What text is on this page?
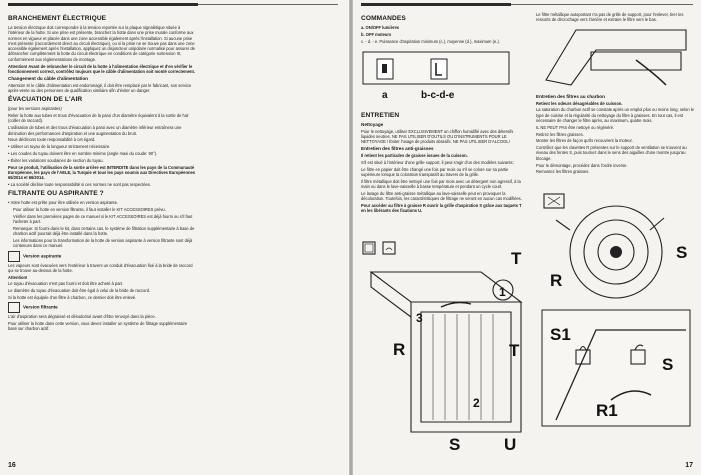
BRANCHEMENT ÉLECTRIQUE
La tension électrique doit correspondre à la tension reportée sur la plaque signalétique située à l'intérieur de la hotte. Si une prise est présente, branchez la hotte dans une prise murale conforme aux normes en vigueur et placée dans une zone accessible également après l'installation. Si aucune prise n'est présente (raccordement direct au circuit électrique), ou si la prise ne se trouve pas dans une zone accessible également après l'installation, appliquez un disjoncteur unipolaire normalisé pour assurer de débrancher complètement la hotte du circuit électrique en conditions de catégorie surtension III, conformément aux réglementations de montage.
Attention! Avant de rebrancher le circuit de la hotte à l'alimentation électrique et d'en vérifier le fonctionnement correct, contrôlez toujours que le câble d'alimentation soit monté correctement.
Changement du câble d'alimentation
Attention! Si le câble d'alimentation est endommagé, il doit être remplacé par le fabricant, son service après-vente ou des personnes de qualification similaire afin d'éviter un danger.
ÉVACUATION DE L'AIR
(pour les versions aspirantes)
Relier la hotte aux tubes et trous d'évacuation de la paroi d'un diamètre équivalent à la sortie de l'air (collier de raccord).
L'utilisation de tubes et des trous d'évacuation à paroi avec un diamètre inférieur entraînera une diminution des performances d'aspiration et une augmentation du bruit.
Nous déclinons toute responsabilité à cet égard.
• Utiliser un tuyau de la longueur strictement nécessaire.
• Les coudes du tuyau doivent être en nombre minime (angle maxi du coude: 90°).
• Éviter les variations soudaines de section du tuyau.
Pour ce produit, l'utilisation de la sortie arrière est INTERDITE dans les pays de la Communauté Européenne, les pays de l'AELE, la Turquie et tous les pays soumis aux Directives Européennes 65/2014 et 66/2014.
• La société décline toute responsabilité si ces normes ne sont pas respectées.
FILTRANTE OU ASPIRANTE ?
• Votre hotte est prête pour être utilisée en version aspirante.
Pour utiliser la hotte en version filtrante, il faut installer le KIT ACCESSOIRES prévu.
Vérifier dans les premières pages de ce manuel si le KIT ACCESSOIRES est déjà fourni ou s'il faut l'acheter à part.
Remarque: Si fourni dans le kit, dans certains cas, le système de filtration supplémentaire à base de charbon actif pourrait déjà être installé dans la hotte.
Les informations pour la transformation de la hotte de version aspirante à version filtrante sont déjà contenues dans ce manuel.
Version aspirante
Les vapeurs sont évacuées vers l'extérieur à travers un conduit d'évacuation fixé à la bride de raccord qui se trouve au-dessus de la hotte.
Attention!
Le tuyau d'évacuation n'est pas fourni et doit être acheté à part.
Le diamètre du tuyau d'évacuation doit être égal à celui de la bride de raccord.
Si la hotte est équipée d'un filtre à charbon, ce dernier doit être enlevé.
Version filtrante
L'air d'aspiration sera dégraissé et désodorisé avant d'être renvoyé dans la pièce.
Pour utiliser la hotte dans cette version, vous devez installer un système de filtrage supplémentaire basé sur charbon actif.
16
COMMANDES
a. ON/OFF lumières
b. OFF moteurs
c. - d. - e. Puissance d'aspiration minimum (c.), moyenne (d.), maximum (e.).
a	b-c-d-e
ENTRETIEN
Nettoyage
Pour le nettoyage, utiliser EXCLUSIVEMENT un chiffon humidifié avec des détersifs liquides neutres. NE PAS UTILISER D'OUTILS OU D'INSTRUMENTS POUR LE NETTOYAGE ! Éviter l'usage de produits abrasifs. NE PAS UTILISER D'ALCOOL!
Entretien des filtres anti-graisses
Il retient les particules de graisse issues de la cuisson.
S'il est situé à l'intérieur d'une grille support, il peut s'agir d'un des modèles suivants:
Le filtre en papier doit être changé une fois par mois ou s'il se colore sur sa partie supérieure lorsque la coloration transparaît au travers de la grille.
Il filtre métallique doit être nettoyé une fois par mois avec un détergent non agressif, à la main ou dans le lave-vaisselle à basse température et pendant un cycle court.
Le lavage du filtre anti-graisse métallique au lave-vaisselle peut en provoquer la décoloration. Toutefois, les caractéristiques de filtrage ne seront en aucun cas modifiées.
Pour accéder au filtre à graisse R ouvrir la grille d'aspiration S grâce aux taquets T en les libérants des fixations U.
T
R	T
S	U
3
1
2
Le filtre métallique autoportant n'a pas de grille de support, pour l'enlever, tirer les ressorts de décrochage vers l'arrière et extraire le filtre vers le bas.
Entretien des filtres au charbon
Retient les odeurs désagréables de cuisson.
La saturation du charbon actif se constate après un emploi plus ou moins long, selon le type de cuisine et la régularité du nettoyage du filtre à graisses. En tout cas, il est nécessaire de changer le filtre après, au maximum, quatre mois.
IL NE PEUT PAS être nettoyé ou régénéré.
Retirez les filtres graisses.
Monter les filtres de façon qu'ils recouvrent la moteur.
Contrôlez que les clavettes R présentes sur le support de ventilation se trouvent au niveau des fentes S, puis tournez dans le sens des aiguilles d'une montre jusqu'au blocage.
Pour le démontage, procédez dans l'ordre inverse.
Remontez les filtres graisses.
R
S
S1
S
R1
17
